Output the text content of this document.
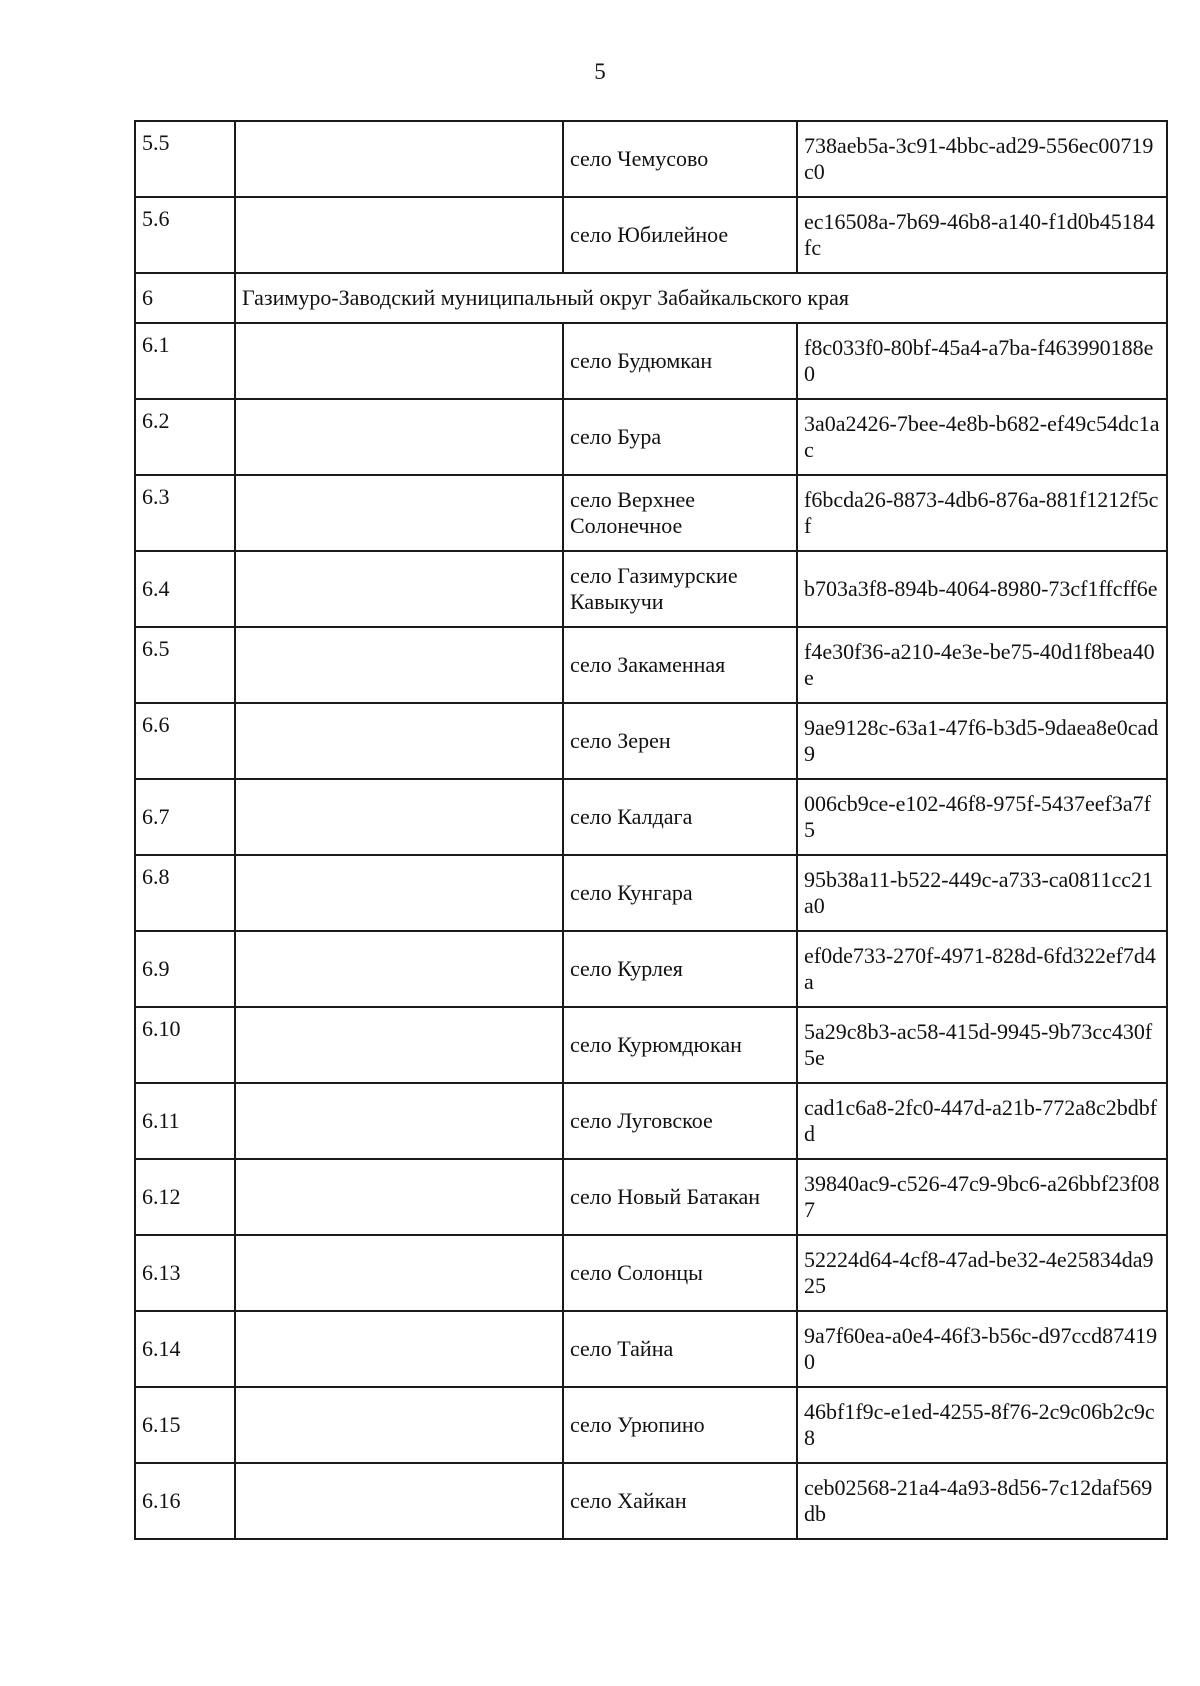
5
5.5		село Чемусово	738aeb5a-3c91-4bbc-ad29-556ec00719c0
5.6		село Юбилейное	ec16508a-7b69-46b8-a140-f1d0b45184fc
6	Газимуро-Заводский муниципальный округ Забайкальского края		
6.1		село Будюмкан	f8c033f0-80bf-45a4-a7ba-f463990188e0
6.2		село Бура	3a0a2426-7bee-4e8b-b682-ef49c54dc1ac
6.3		село Верхнее Солонечное	f6bcda26-8873-4db6-876a-881f1212f5cf
6.4		село Газимурские Кавыкучи	b703a3f8-894b-4064-8980-73cf1ffcff6e
6.5		село Закаменная	f4e30f36-a210-4e3e-be75-40d1f8bea40e
6.6		село Зерен	9ae9128c-63a1-47f6-b3d5-9daea8e0cad9
6.7		село Калдага	006cb9ce-e102-46f8-975f-5437eef3a7f5
6.8		село Кунгара	95b38a11-b522-449c-a733-ca0811cc21a0
6.9		село Курлея	ef0de733-270f-4971-828d-6fd322ef7d4a
6.10		село Курюмдюкан	5a29c8b3-ac58-415d-9945-9b73cc430f5e
6.11		село Луговское	cad1c6a8-2fc0-447d-a21b-772a8c2bdbfd
6.12		село Новый Батакан	39840ac9-c526-47c9-9bc6-a26bbf23f087
6.13		село Солонцы	52224d64-4cf8-47ad-be32-4e25834da925
6.14		село Тайна	9a7f60ea-a0e4-46f3-b56c-d97ccd874190
6.15		село Урюпино	46bf1f9c-e1ed-4255-8f76-2c9c06b2c9c8
6.16		село Хайкан	ceb02568-21a4-4a93-8d56-7c12daf569db
